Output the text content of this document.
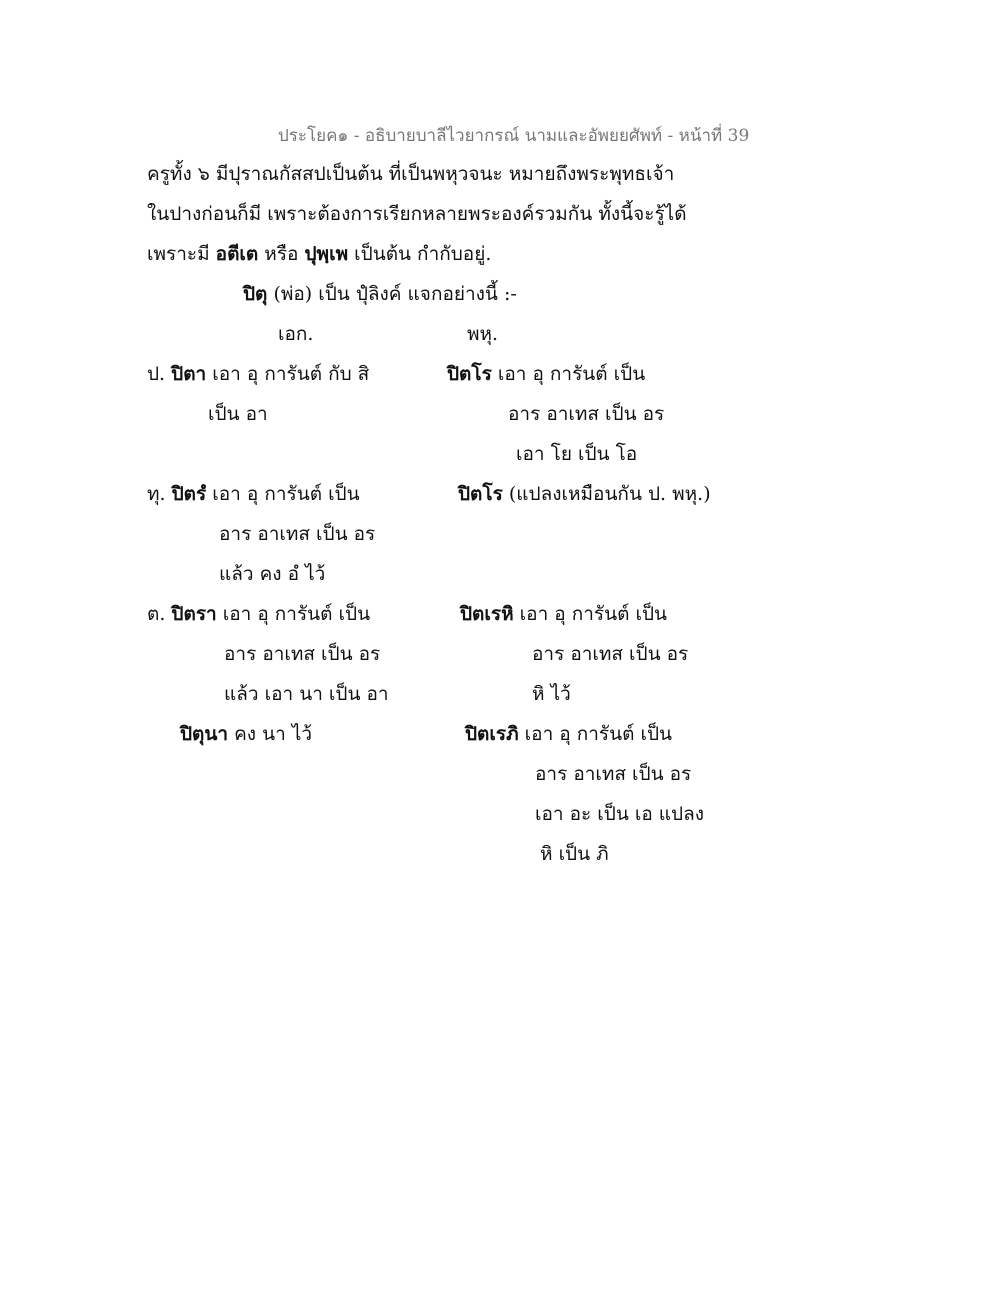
ประโยค๑ - อธิบายบาลีไวยากรณ์ นามและอัพยยศัพท์ - หน้าที่ 39
ครูทั้ง ๖ มีปุราณกัสสปเป็นต้น ที่เป็นพหุวจนะ หมายถึงพระพุทธเจ้า
ในปางก่อนก็มี เพราะต้องการเรียกหลายพระองค์รวมกัน ทั้งนี้จะรู้ได้
เพราะมี อตีเต หรือ ปุพฺเพ เป็นต้น กำกับอยู่.
ปิตุ (พ่อ) เป็น ปุํลิงค์ แจกอย่างนี้ :-
เอก.	พหุ.
ป. ปิตา เอา อุ การันต์ กับ สิ
เป็น อา
ปิตโร เอา อุ การันต์ เป็น
อาร อาเทส เป็น อร
เอา โย เป็น โอ
ทุ. ปิตรํ เอา อุ การันต์ เป็น
อาร อาเทส เป็น อร
แล้ว คง อํ ไว้
ปิตโร (แปลงเหมือนกัน ป. พหุ.)
ต. ปิตรา เอา อุ การันต์ เป็น
อาร อาเทส เป็น อร
แล้ว เอา นา เป็น อา
ปิตุนา คง นา ไว้
ปิตเรหิ เอา อุ การันต์ เป็น
อาร อาเทส เป็น อร
หิ ไว้
ปิตเรภิ เอา อุ การันต์ เป็น
อาร อาเทส เป็น อร
เอา อะ เป็น เอ แปลง
หิ เป็น ภิ
